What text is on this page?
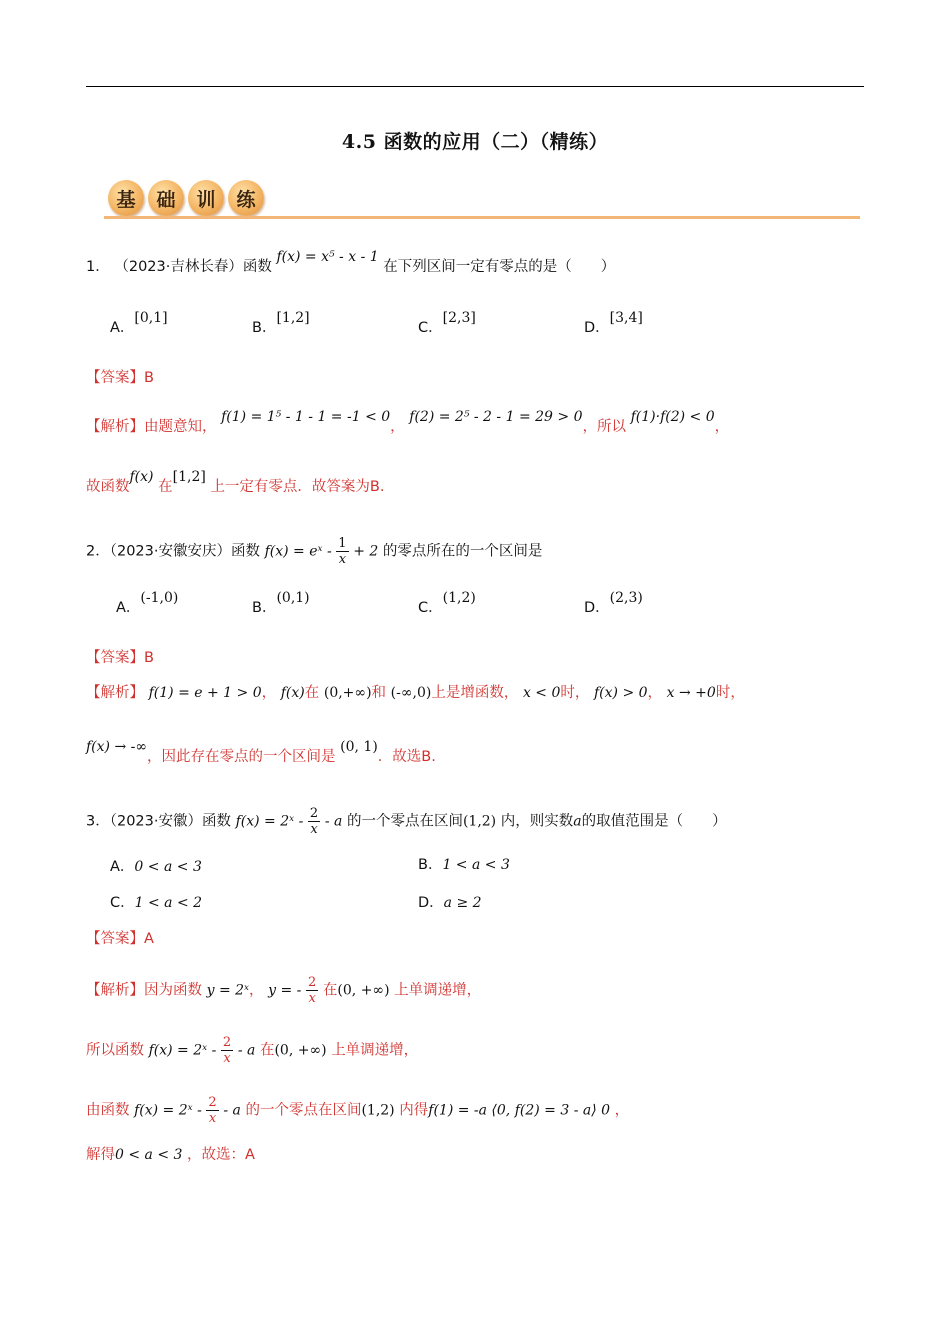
4.5 函数的应用（二）（精练）
基	础	训	练
1． （2023·吉林长春）函数 f(x) = x⁵ - x - 1 在下列区间一定有零点的是（　　）
A．[0,1]
B．[1,2]
C．[2,3]
D．[3,4]
【答案】B
【解析】由题意知， f(1) = 1⁵ - 1 - 1 = -1 < 0， f(2) = 2⁵ - 2 - 1 = 29 > 0，所以 f(1)·f(2) < 0，
故函数f(x) 在[1,2] 上一定有零点．故答案为B.
2．（2023·安徽安庆）函数 f(x) = eˣ - $\frac{1}{x} + 2$ 的零点所在的一个区间是
A．(-1,0)
B．(0,1)
C．(1,2)
D．(2,3)
【答案】B
【解析】 f(1) = e + 1 > 0， f(x)在 (0,+∞)和 (-∞,0)上是增函数， x < 0时， f(x) > 0， x → +0时，
f(x) → -∞，因此存在零点的一个区间是 (0, 1)．故选B.
3．（2023·安徽）函数 f(x) = 2ˣ - $\frac{2}{x}$ - a 的一个零点在区间(1,2) 内，则实数a的取值范围是（　　）
A．0 < a < 3	B．1 < a < 3
C．1 < a < 2	D．a ≥ 2
【答案】A
【解析】因为函数 y = 2ˣ， y = - $\frac{2}{x}$ 在(0, +∞) 上单调递增，
所以函数 f(x) = 2ˣ - $\frac{2}{x}$ - a 在(0, +∞) 上单调递增，
由函数 f(x) = 2ˣ - $\frac{2}{x}$ - a 的一个零点在区间(1,2) 内得f(1) = -a ⟨0, f(2) = 3 - a⟩ 0 ，
解得0 < a < 3 ，故选：A
